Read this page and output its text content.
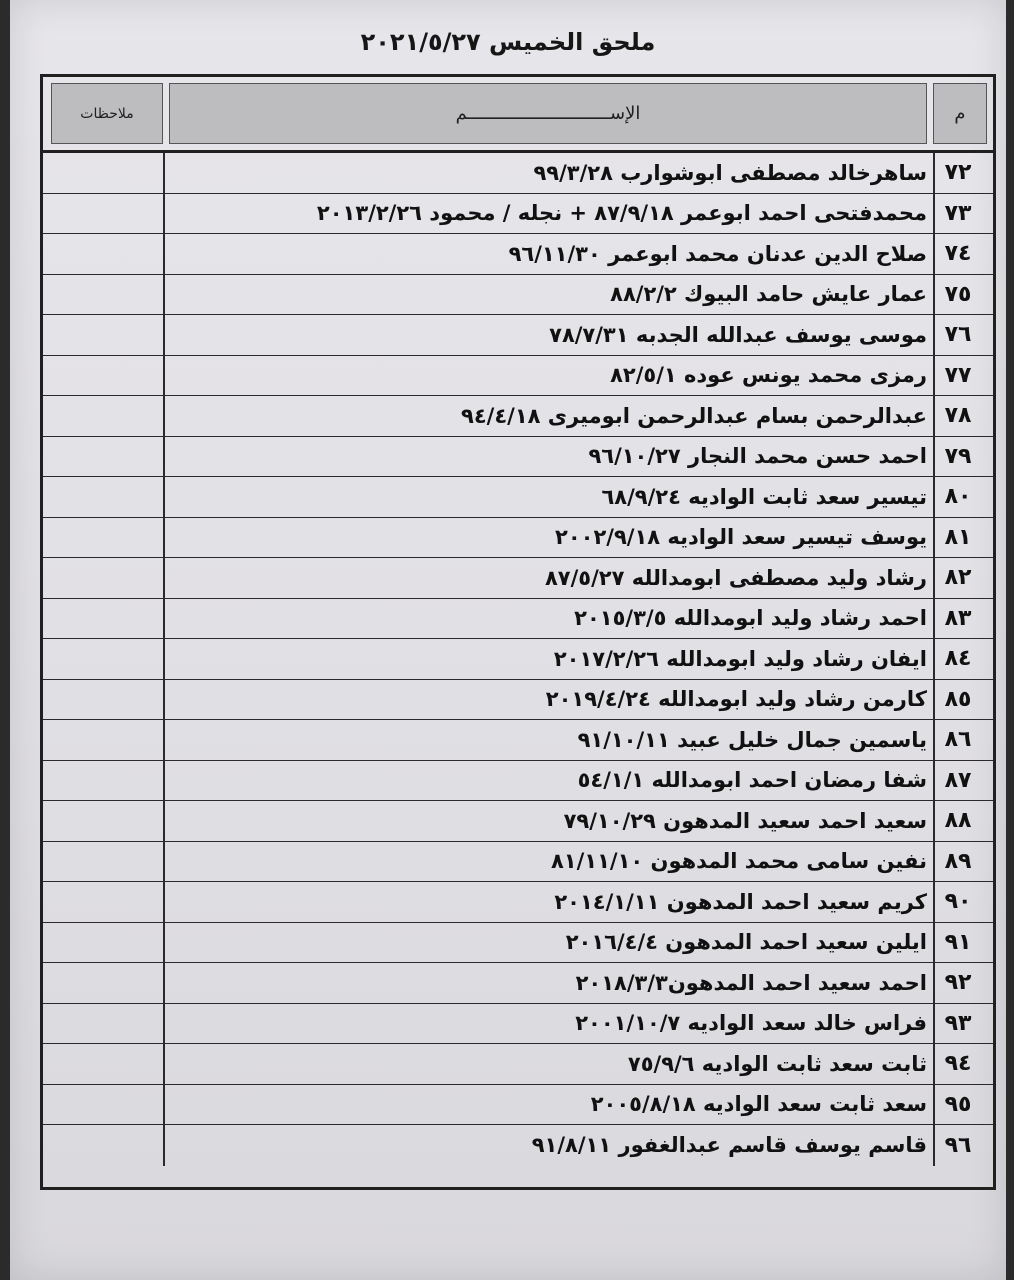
ملحق الخميس ٢٠٢١/٥/٢٧
م
الإســـــــــــــــــــــــــــم
ملاحظات
٧٢
ساهرخالد مصطفى ابوشوارب ٩٩/٣/٢٨
٧٣
محمدفتحى احمد ابوعمر ٨٧/٩/١٨ + نجله / محمود ٢٠١٣/٢/٢٦
٧٤
صلاح الدين عدنان محمد ابوعمر ٩٦/١١/٣٠
٧٥
عمار عايش حامد البيوك ٨٨/٢/٢
٧٦
موسى يوسف عبدالله الجدبه ٧٨/٧/٣١
٧٧
رمزى محمد يونس عوده ٨٢/٥/١
٧٨
عبدالرحمن بسام عبدالرحمن ابوميرى ٩٤/٤/١٨
٧٩
احمد حسن محمد النجار ٩٦/١٠/٢٧
٨٠
تيسير سعد ثابت الواديه ٦٨/٩/٢٤
٨١
يوسف تيسير سعد الواديه ٢٠٠٢/٩/١٨
٨٢
رشاد وليد مصطفى ابومدالله ٨٧/٥/٢٧
٨٣
احمد رشاد وليد ابومدالله ٢٠١٥/٣/٥
٨٤
ايفان رشاد وليد ابومدالله ٢٠١٧/٢/٢٦
٨٥
كارمن رشاد وليد ابومدالله ٢٠١٩/٤/٢٤
٨٦
ياسمين جمال خليل عبيد ٩١/١٠/١١
٨٧
شفا رمضان احمد ابومدالله ٥٤/١/١
٨٨
سعيد احمد سعيد المدهون ٧٩/١٠/٢٩
٨٩
نفين سامى محمد المدهون ٨١/١١/١٠
٩٠
كريم سعيد احمد المدهون ٢٠١٤/١/١١
٩١
ايلين سعيد احمد المدهون ٢٠١٦/٤/٤
٩٢
احمد سعيد احمد المدهون٢٠١٨/٣/٣
٩٣
فراس خالد سعد الواديه ٢٠٠١/١٠/٧
٩٤
ثابت سعد ثابت الواديه ٧٥/٩/٦
٩٥
سعد ثابت سعد الواديه ٢٠٠٥/٨/١٨
٩٦
قاسم يوسف قاسم عبدالغفور ٩١/٨/١١
